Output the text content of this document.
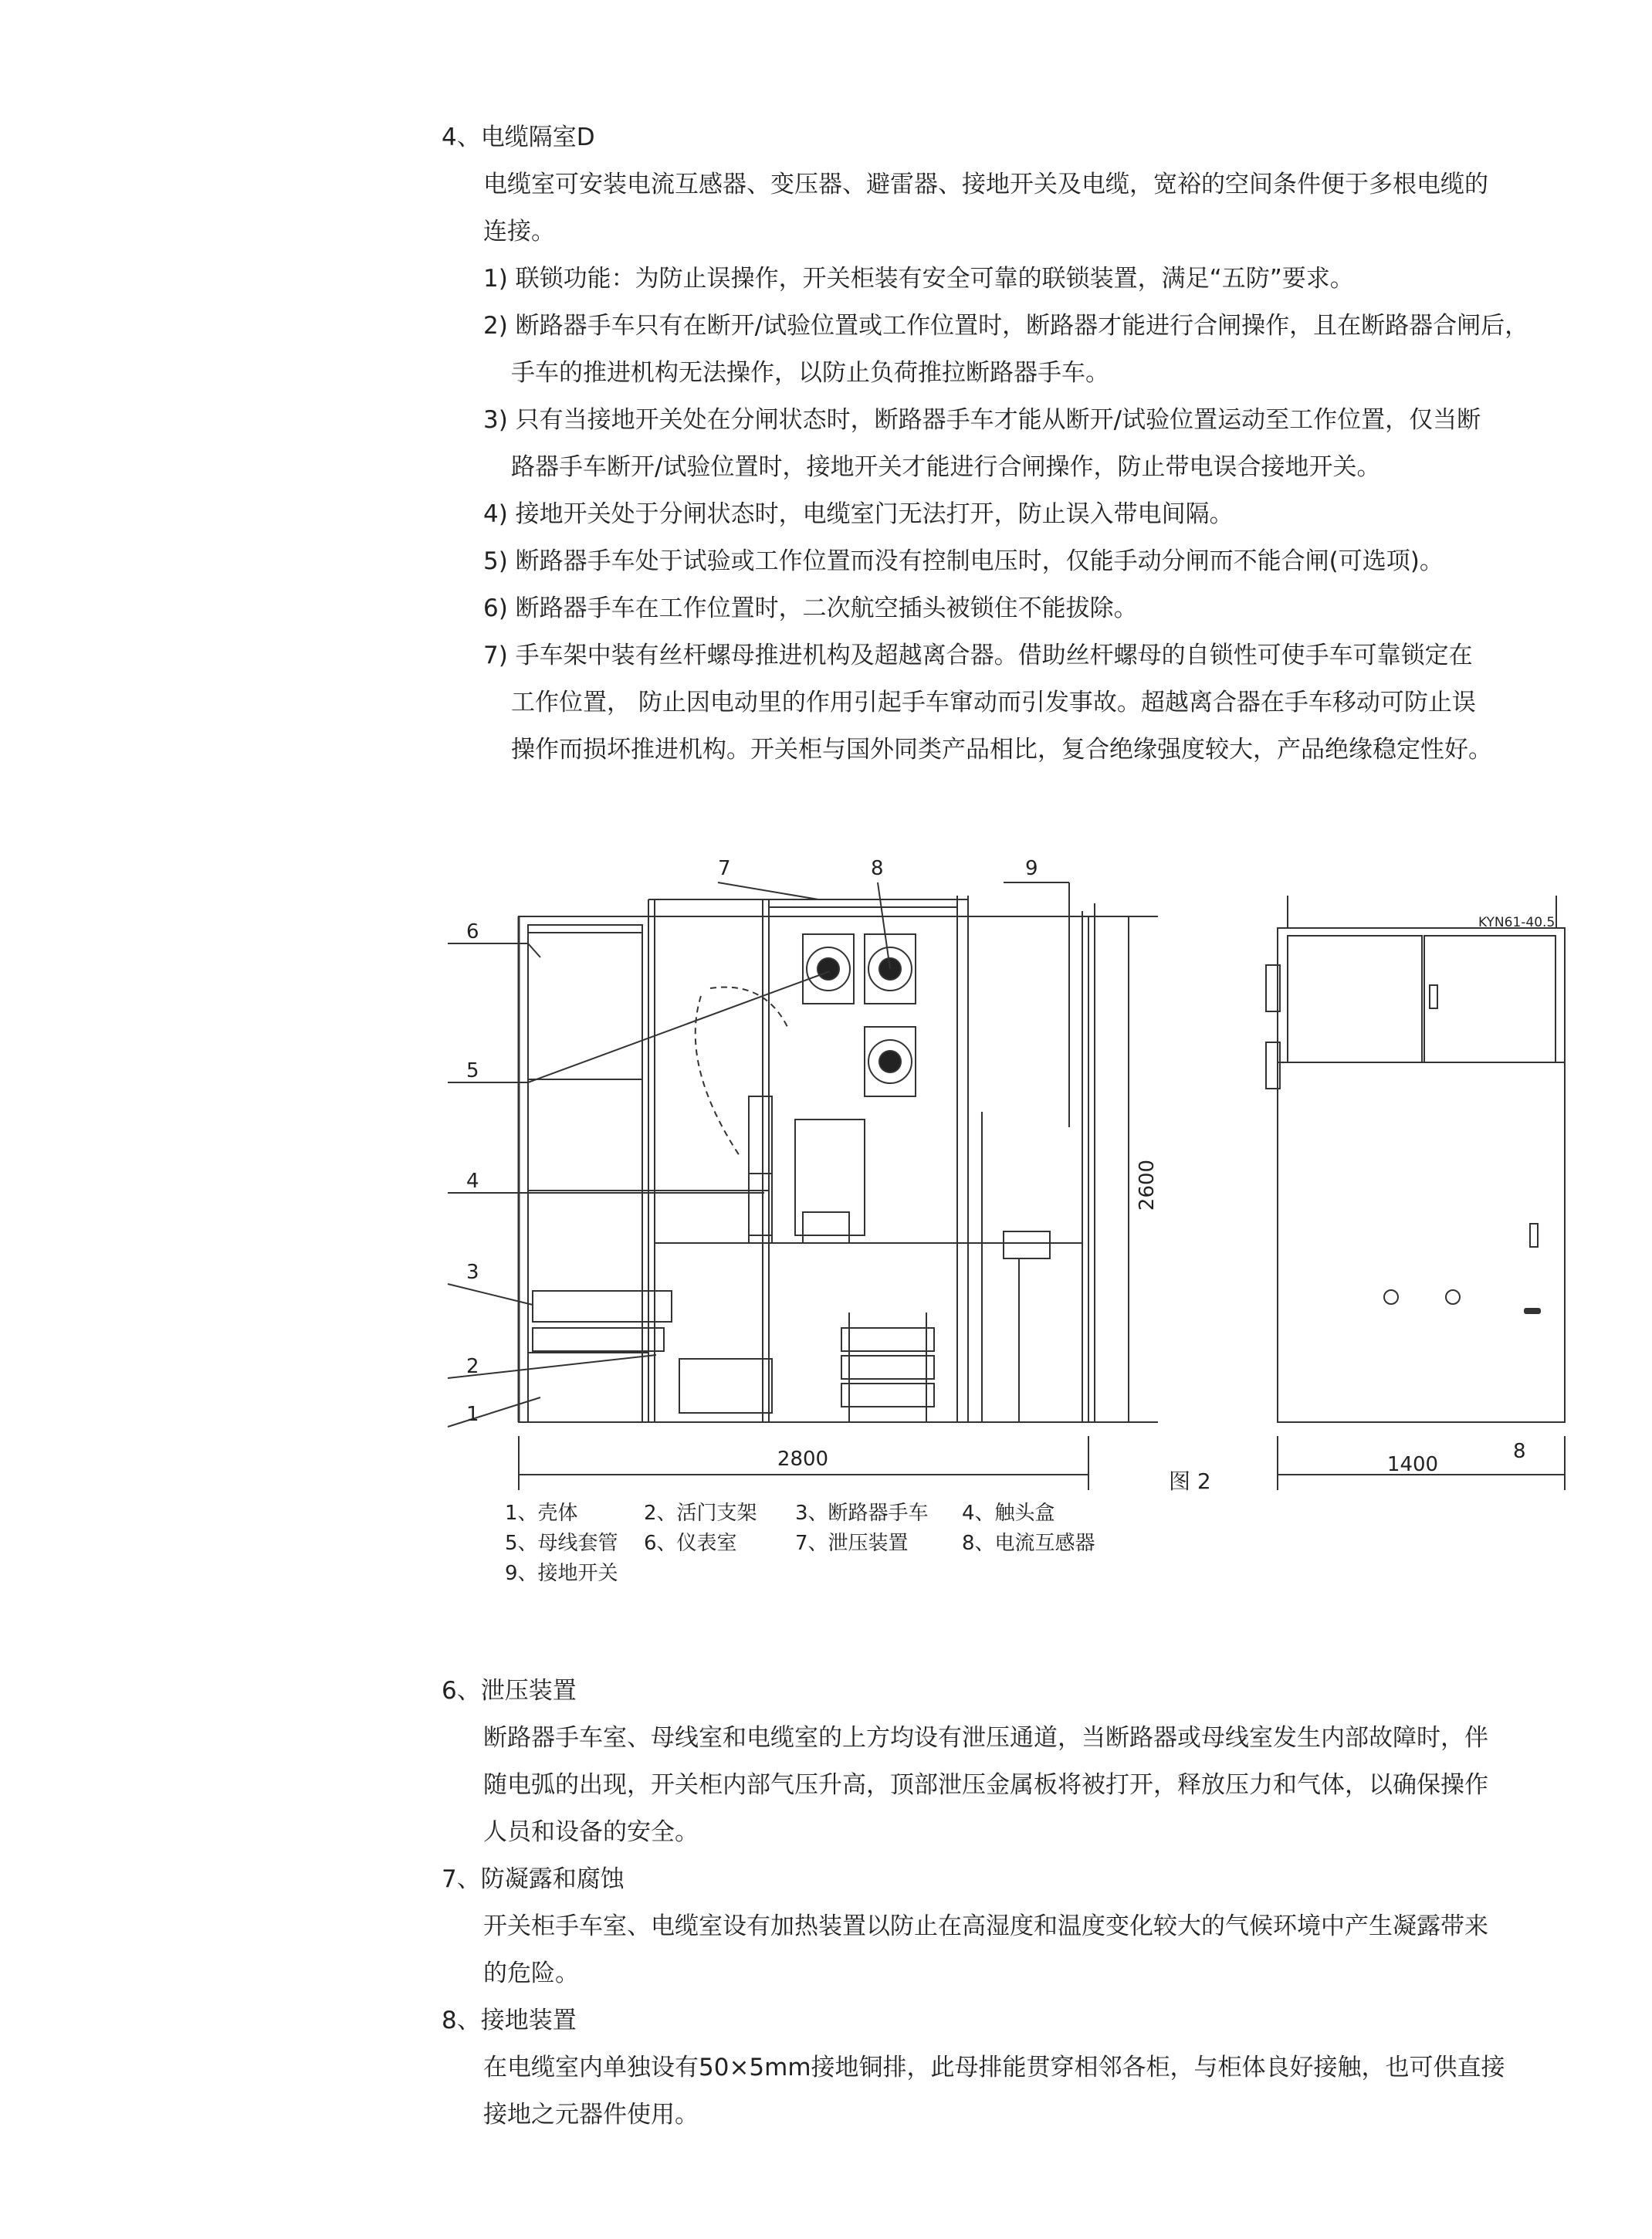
4、电缆隔室D
电缆室可安装电流互感器、变压器、避雷器、接地开关及电缆，宽裕的空间条件便于多根电缆的
连接。
1) 联锁功能：为防止误操作，开关柜装有安全可靠的联锁装置，满足“五防”要求。
2) 断路器手车只有在断开/试验位置或工作位置时，断路器才能进行合闸操作，且在断路器合闸后，
手车的推进机构无法操作，以防止负荷推拉断路器手车。
3) 只有当接地开关处在分闸状态时，断路器手车才能从断开/试验位置运动至工作位置，仅当断
路器手车断开/试验位置时，接地开关才能进行合闸操作，防止带电误合接地开关。
4) 接地开关处于分闸状态时，电缆室门无法打开，防止误入带电间隔。
5) 断路器手车处于试验或工作位置而没有控制电压时，仅能手动分闸而不能合闸(可选项)。
6) 断路器手车在工作位置时，二次航空插头被锁住不能拔除。
7) 手车架中装有丝杆螺母推进机构及超越离合器。借助丝杆螺母的自锁性可使手车可靠锁定在
工作位置， 防止因电动里的作用引起手车窜动而引发事故。超越离合器在手车移动可防止误
操作而损坏推进机构。开关柜与国外同类产品相比，复合绝缘强度较大，产品绝缘稳定性好。
6
5
4
3
2
1
7	8	9
2600
2800	1400
8
KYN61-40.5
图 2
1、壳体	2、活门支架 3、断路器手车 4、触头盒
5、母线套管 6、仪表室	7、泄压装置	8、电流互感器
9、接地开关
6、泄压装置
断路器手车室、母线室和电缆室的上方均设有泄压通道，当断路器或母线室发生内部故障时，伴
随电弧的出现，开关柜内部气压升高，顶部泄压金属板将被打开，释放压力和气体，以确保操作
人员和设备的安全。
7、防凝露和腐蚀
开关柜手车室、电缆室设有加热装置以防止在高湿度和温度变化较大的气候环境中产生凝露带来
的危险。
8、接地装置
在电缆室内单独设有50×5mm接地铜排，此母排能贯穿相邻各柜，与柜体良好接触，也可供直接
接地之元器件使用。
